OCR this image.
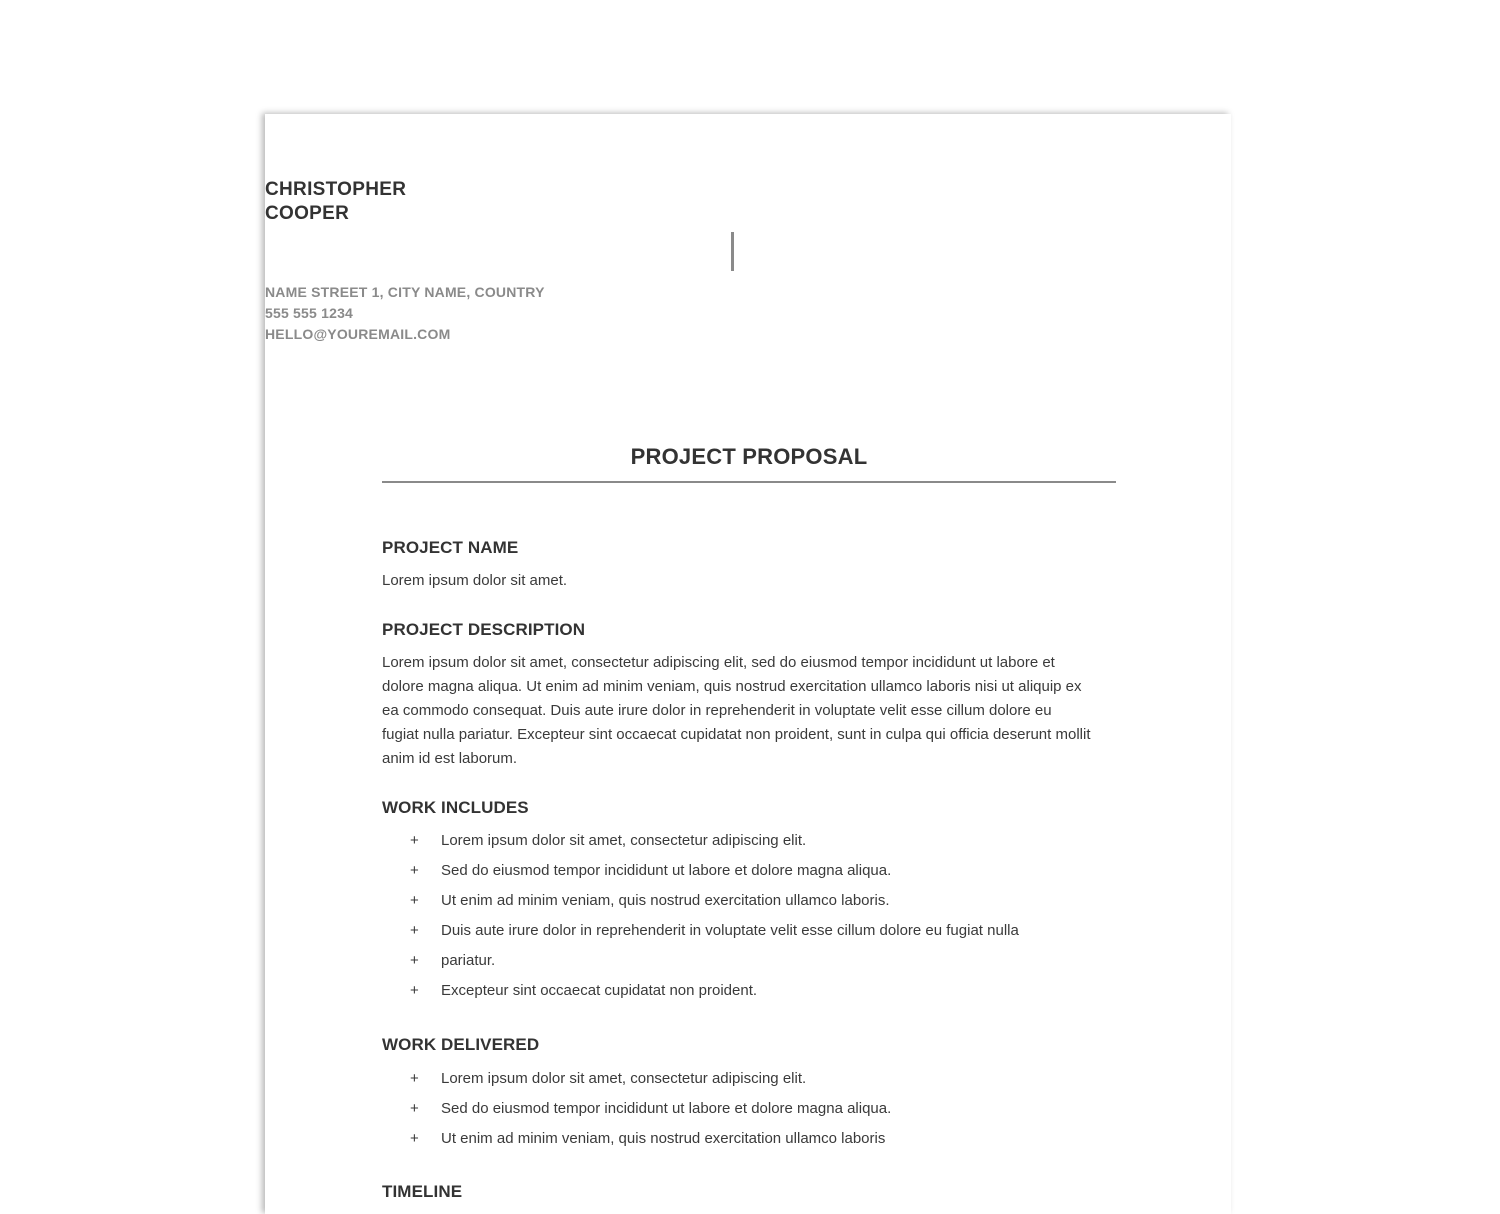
CHRISTOPHER
COOPER
NAME STREET 1, CITY NAME, COUNTRY
555 555 1234
HELLO@YOUREMAIL.COM
PROJECT PROPOSAL
PROJECT NAME
Lorem ipsum dolor sit amet.
PROJECT DESCRIPTION
Lorem ipsum dolor sit amet, consectetur adipiscing elit, sed do eiusmod tempor incididunt ut labore et dolore magna aliqua. Ut enim ad minim veniam, quis nostrud exercitation ullamco laboris nisi ut aliquip ex ea commodo consequat. Duis aute irure dolor in reprehenderit in voluptate velit esse cillum dolore eu fugiat nulla pariatur. Excepteur sint occaecat cupidatat non proident, sunt in culpa qui officia deserunt mollit anim id est laborum.
WORK INCLUDES
+ Lorem ipsum dolor sit amet, consectetur adipiscing elit.
+ Sed do eiusmod tempor incididunt ut labore et dolore magna aliqua.
+ Ut enim ad minim veniam, quis nostrud exercitation ullamco laboris.
+ Duis aute irure dolor in reprehenderit in voluptate velit esse cillum dolore eu fugiat nulla
+ pariatur.
+ Excepteur sint occaecat cupidatat non proident.
WORK DELIVERED
+ Lorem ipsum dolor sit amet, consectetur adipiscing elit.
+ Sed do eiusmod tempor incididunt ut labore et dolore magna aliqua.
+ Ut enim ad minim veniam, quis nostrud exercitation ullamco laboris
TIMELINE
